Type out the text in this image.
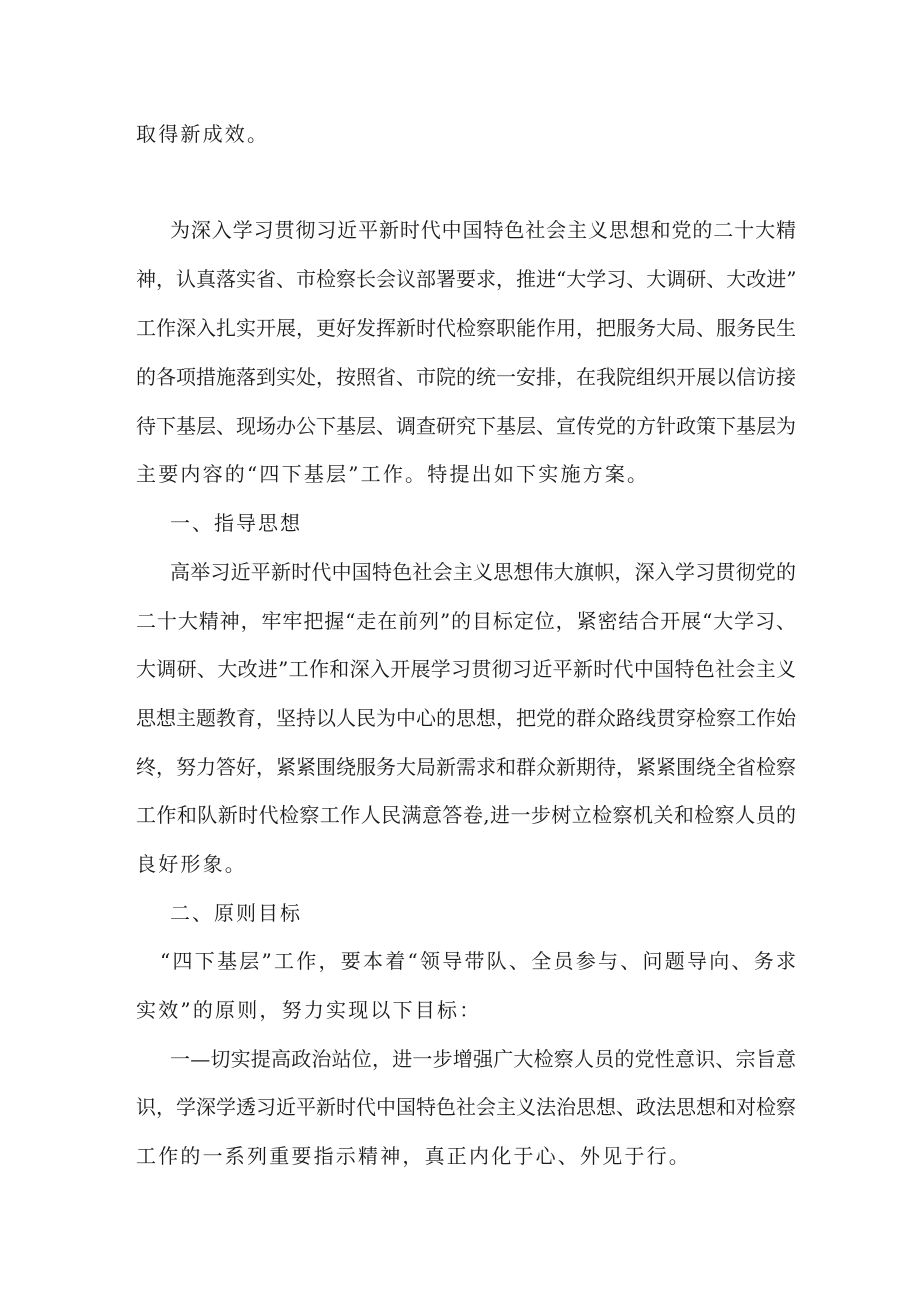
取得新成效。
为深入学习贯彻习近平新时代中国特色社会主义思想和党的二十大精
神，认真落实省、市检察长会议部署要求，推进“大学习、大调研、大改进”
工作深入扎实开展，更好发挥新时代检察职能作用，把服务大局、服务民生
的各项措施落到实处，按照省、市院的统一安排，在我院组织开展以信访接
待下基层、现场办公下基层、调查研究下基层、宣传党的方针政策下基层为
主要内容的“四下基层”工作。特提出如下实施方案。
一、指导思想
高举习近平新时代中国特色社会主义思想伟大旗帜，深入学习贯彻党的
二十大精神，牢牢把握“走在前列”的目标定位，紧密结合开展“大学习、
大调研、大改进”工作和深入开展学习贯彻习近平新时代中国特色社会主义
思想主题教育，坚持以人民为中心的思想，把党的群众路线贯穿检察工作始
终，努力答好，紧紧围绕服务大局新需求和群众新期待，紧紧围绕全省检察
工作和队新时代检察工作人民满意答卷,进一步树立检察机关和检察人员的
良好形象。
二、原则目标
“四下基层”工作，要本着“领导带队、全员参与、问题导向、务求
实效”的原则，努力实现以下目标：
一—切实提高政治站位，进一步增强广大检察人员的党性意识、宗旨意
识，学深学透习近平新时代中国特色社会主义法治思想、政法思想和对检察
工作的一系列重要指示精神，真正内化于心、外见于行。
